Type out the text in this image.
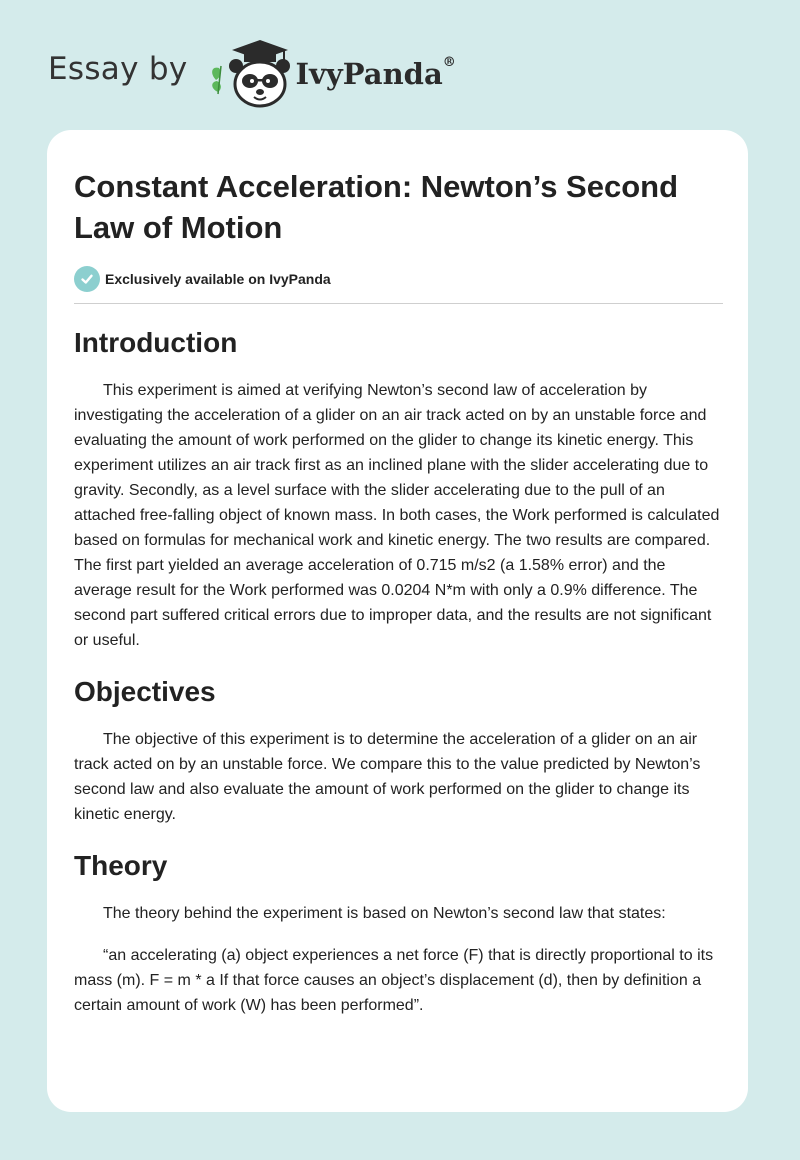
Essay by	IvyPanda®
Constant Acceleration: Newton’s Second Law of Motion
Exclusively available on IvyPanda
Introduction

This experiment is aimed at verifying Newton’s second law of acceleration by investigating the acceleration of a glider on an air track acted on by an unstable force and evaluating the amount of work performed on the glider to change its kinetic energy. This experiment utilizes an air track first as an inclined plane with the slider accelerating due to gravity. Secondly, as a level surface with the slider accelerating due to the pull of an attached free-falling object of known mass. In both cases, the Work performed is calculated based on formulas for mechanical work and kinetic energy. The two results are compared. The first part yielded an average acceleration of 0.715 m/s2 (a 1.58% error) and the average result for the Work performed was 0.0204 N*m with only a 0.9% difference. The second part suffered critical errors due to improper data, and the results are not significant or useful.

Objectives

The objective of this experiment is to determine the acceleration of a glider on an air track acted on by an unstable force. We compare this to the value predicted by Newton’s second law and also evaluate the amount of work performed on the glider to change its kinetic energy.

Theory

The theory behind the experiment is based on Newton’s second law that states:

“an accelerating (a) object experiences a net force (F) that is directly proportional to its mass (m). F = m * a If that force causes an object’s displacement (d), then by definition a certain amount of work (W) has been performed”.
